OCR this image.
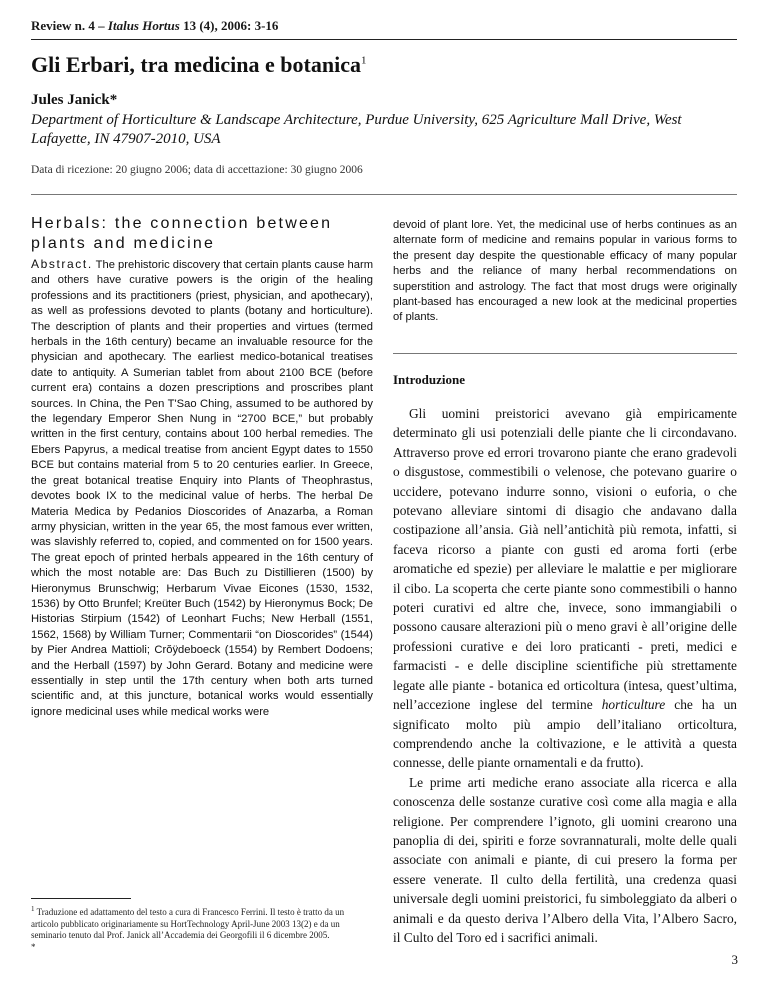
Review n. 4 – Italus Hortus 13 (4), 2006: 3-16
Gli Erbari, tra medicina e botanica$^1$
Jules Janick*
Department of Horticulture & Landscape Architecture, Purdue University, 625 Agriculture Mall Drive, West Lafayette, IN 47907-2010, USA
Data di ricezione: 20 giugno 2006; data di accettazione: 30 giugno 2006
Herbals: the connection between plants and medicine
Abstract. The prehistoric discovery that certain plants cause harm and others have curative powers is the origin of the healing professions and its practitioners (priest, physician, and apothecary), as well as professions devoted to plants (botany and horticulture). The description of plants and their properties and virtues (termed herbals in the 16th century) became an invaluable resource for the physician and apothecary. The earliest medico-botanical treatises date to antiquity. A Sumerian tablet from about 2100 BCE (before current era) contains a dozen prescriptions and proscribes plant sources. In China, the Pen T'Sao Ching, assumed to be authored by the legendary Emperor Shen Nung in “2700 BCE,” but probably written in the first century, contains about 100 herbal remedies. The Ebers Papyrus, a medical treatise from ancient Egypt dates to 1550 BCE but contains material from 5 to 20 centuries earlier. In Greece, the great botanical treatise Enquiry into Plants of Theophrastus, devotes book IX to the medicinal value of herbs. The herbal De Materia Medica by Pedanios Dioscorides of Anazarba, a Roman army physician, written in the year 65, the most famous ever written, was slavishly referred to, copied, and commented on for 1500 years. The great epoch of printed herbals appeared in the 16th century of which the most notable are: Das Buch zu Distillieren (1500) by Hieronymus Brunschwig; Herbarum Vivae Eicones (1530, 1532, 1536) by Otto Brunfel; Kreüter Buch (1542) by Hieronymus Bock; De Historias Stirpium (1542) of Leonhart Fuchs; New Herball (1551, 1562, 1568) by William Turner; Commentarii “on Dioscorides” (1544) by Pier Andrea Mattioli; Crŏÿdeboeck (1554) by Rembert Dodoens; and the Herball (1597) by John Gerard. Botany and medicine were essentially in step until the 17th century when both arts turned scientific and, at this juncture, botanical works would essentially ignore medicinal uses while medical works were
devoid of plant lore. Yet, the medicinal use of herbs continues as an alternate form of medicine and remains popular in various forms to the present day despite the questionable efficacy of many popular herbs and the reliance of many herbal recommendations on superstition and astrology. The fact that most drugs were originally plant-based has encouraged a new look at the medicinal properties of plants.
Introduzione

Gli uomini preistorici avevano già empiricamente determinato gli usi potenziali delle piante che li circondavano. Attraverso prove ed errori trovarono piante che erano gradevoli o disgustose, commestibili o velenose, che potevano guarire o uccidere, potevano indurre sonno, visioni o euforia, o che potevano alleviare sintomi di disagio che andavano dalla costipazione all’ansia. Già nell’antichità più remota, infatti, si faceva ricorso a piante con gusti ed aroma forti (erbe aromatiche ed spezie) per alleviare le malattie e per migliorare il cibo. La scoperta che certe piante sono commestibili o hanno poteri curativi ed altre che, invece, sono immangiabili o possono causare alterazioni più o meno gravi è all’origine delle professioni curative e dei loro praticanti - preti, medici e farmacisti - e delle discipline scientifiche più strettamente legate alle piante - botanica ed orticoltura (intesa, quest’ultima, nell’accezione inglese del termine horticulture che ha un significato molto più ampio dell’italiano orticoltura, comprendendo anche la coltivazione, e le attività a questa connesse, delle piante ornamentali e da frutto).

Le prime arti mediche erano associate alla ricerca e alla conoscenza delle sostanze curative così come alla magia e alla religione. Per comprendere l’ignoto, gli uomini crearono una panoplia di dei, spiriti e forze sovrannaturali, molte delle quali associate con animali e piante, di cui presero la forma per essere venerate. Il culto della fertilità, una credenza quasi universale degli uomini preistorici, fu simboleggiato da alberi o animali e da questo deriva l’Albero della Vita, l’Albero Sacro, il Culto del Toro ed i sacrifici animali.

$^1$ Traduzione ed adattamento del testo a cura di Francesco Ferrini. Il testo è tratto da un articolo pubblicato originariamente su HortTechnology April-June 2003 13(2) e da un seminario tenuto dal Prof. Janick all’Accademia dei Georgofili il 6 dicembre 2005.
*
3
